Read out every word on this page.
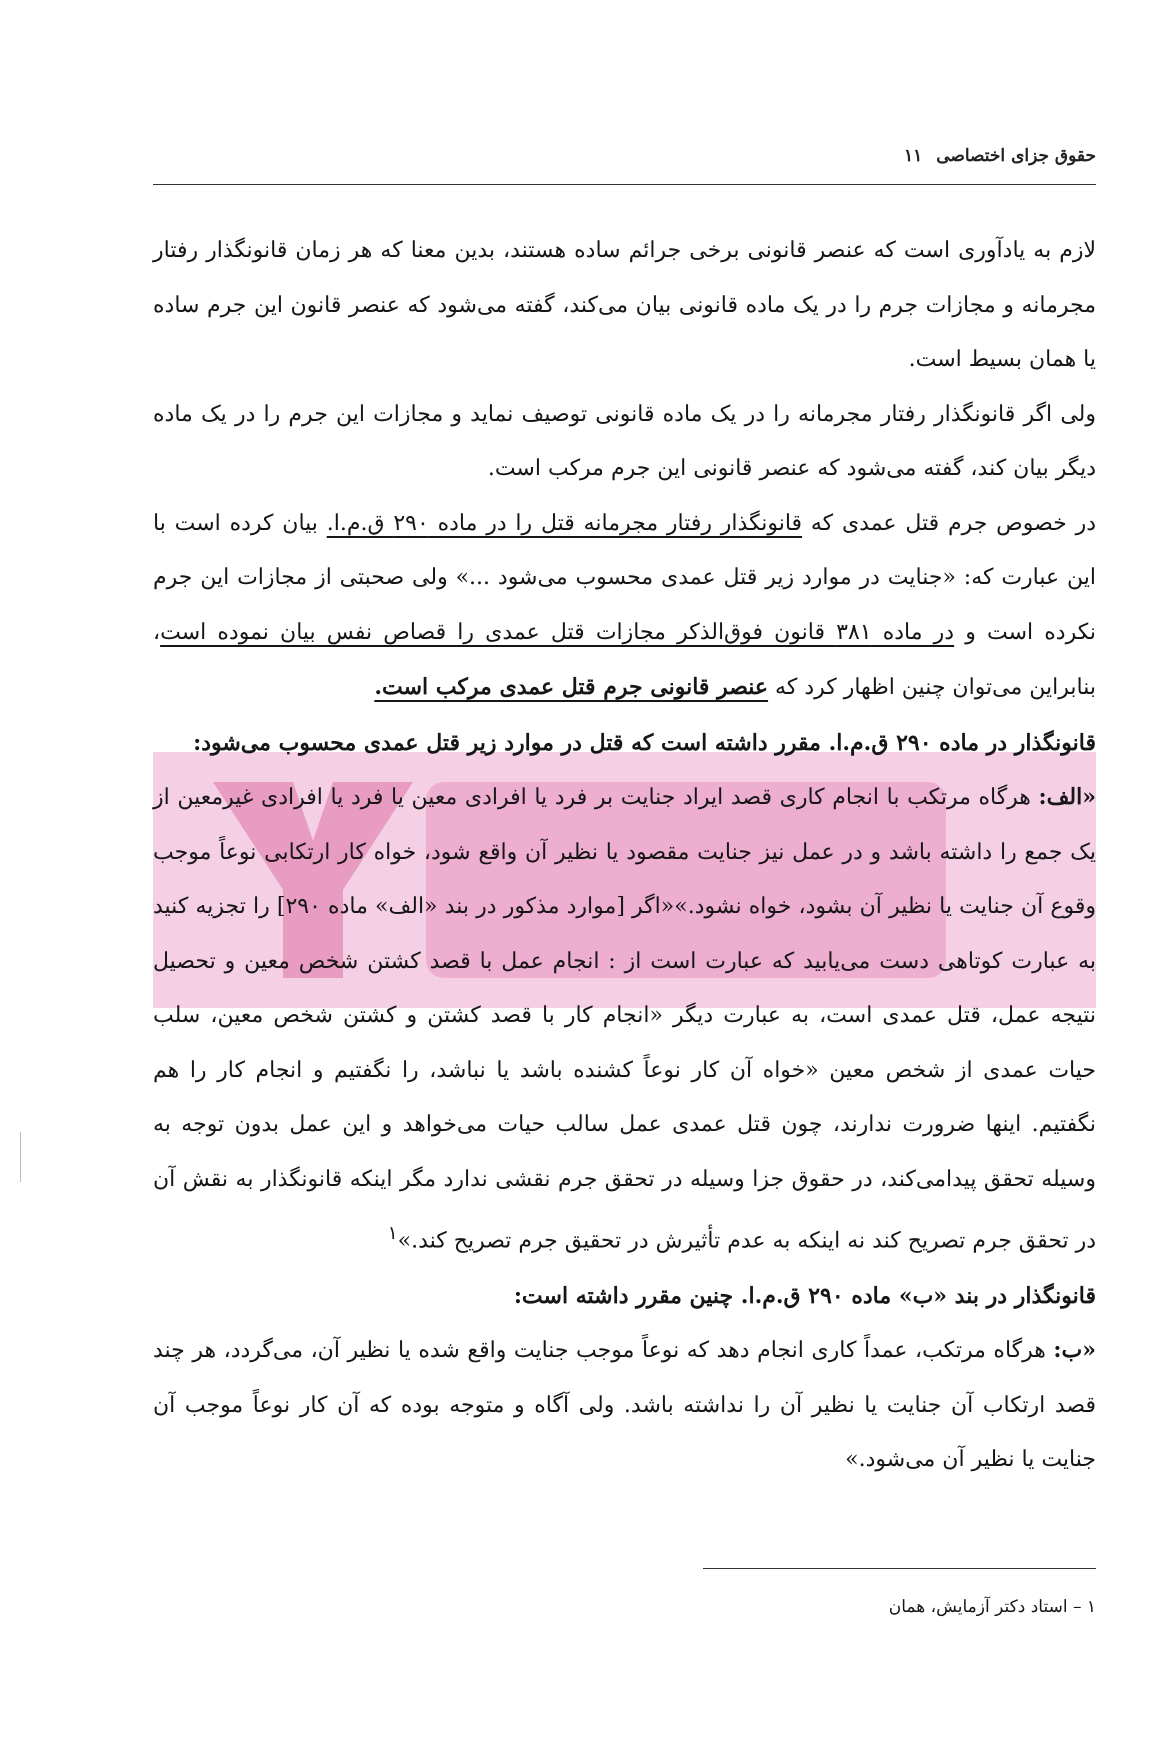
حقوق جزای اختصاصی
۱۱

لازم به یادآوری است که عنصر قانونی برخی جرائم ساده هستند، بدین معنا که هر زمان قانونگذار رفتار مجرمانه و مجازات جرم را در یک ماده قانونی بیان می‌کند، گفته می‌شود که عنصر قانون این جرم ساده یا همان بسیط است.

ولی اگر قانونگذار رفتار مجرمانه را در یک ماده قانونی توصیف نماید و مجازات این جرم را در یک ماده دیگر بیان کند، گفته می‌شود که عنصر قانونی این جرم مرکب است.

در خصوص جرم قتل عمدی که قانونگذار رفتار مجرمانه قتل را در ماده ۲۹۰ ق.م.ا. بیان کرده است با این عبارت که: «جنایت در موارد زیر قتل عمدی محسوب می‌شود ...» ولی صحبتی از مجازات این جرم نکرده است و در ماده ۳۸۱ قانون فوق‌الذکر مجازات قتل عمدی را قصاص نفس بیان نموده است، بنابراین می‌توان چنین اظهار کرد که عنصر قانونی جرم قتل عمدی مرکب است.

قانونگذار در ماده ۲۹۰ ق.م.ا. مقرر داشته است که قتل در موارد زیر قتل عمدی محسوب می‌شود:

«الف: هرگاه مرتکب با انجام کاری قصد ایراد جنایت بر فرد یا افرادی معین یا فرد یا افرادی غیرمعین از یک جمع را داشته باشد و در عمل نیز جنایت مقصود یا نظیر آن واقع شود، خواه کار ارتکابی نوعاً موجب وقوع آن جنایت یا نظیر آن بشود، خواه نشود.»«اگر [موارد مذکور در بند «الف» ماده ۲۹۰] را تجزیه کنید به عبارت کوتاهی دست می‌یابید که عبارت است از : انجام عمل با قصد کشتن شخص معین و تحصیل نتیجه عمل، قتل عمدی است، به عبارت دیگر «انجام کار با قصد کشتن و کشتن شخص معین، سلب حیات عمدی از شخص معین «خواه آن کار نوعاً کشنده باشد یا نباشد، را نگفتیم و انجام کار را هم نگفتیم. اینها ضرورت ندارند، چون قتل عمدی عمل سالب حیات می‌خواهد و این عمل بدون توجه به وسیله تحقق پیدامی‌کند، در حقوق جزا وسیله در تحقق جرم نقشی ندارد مگر اینکه قانونگذار به نقش آن در تحقق جرم تصریح کند نه اینکه به عدم تأثیرش در تحقیق جرم تصریح کند.»$^۱$

قانونگذار در بند «ب» ماده ۲۹۰ ق.م.ا. چنین مقرر داشته است:

«ب: هرگاه مرتکب، عمداً کاری انجام دهد که نوعاً موجب جنایت واقع شده یا نظیر آن، می‌گردد، هر چند قصد ارتکاب آن جنایت یا نظیر آن را نداشته باشد. ولی آگاه و متوجه بوده که آن کار نوعاً موجب آن جنایت یا نظیر آن می‌شود.»

۱ – استاد دکتر آزمایش، همان
